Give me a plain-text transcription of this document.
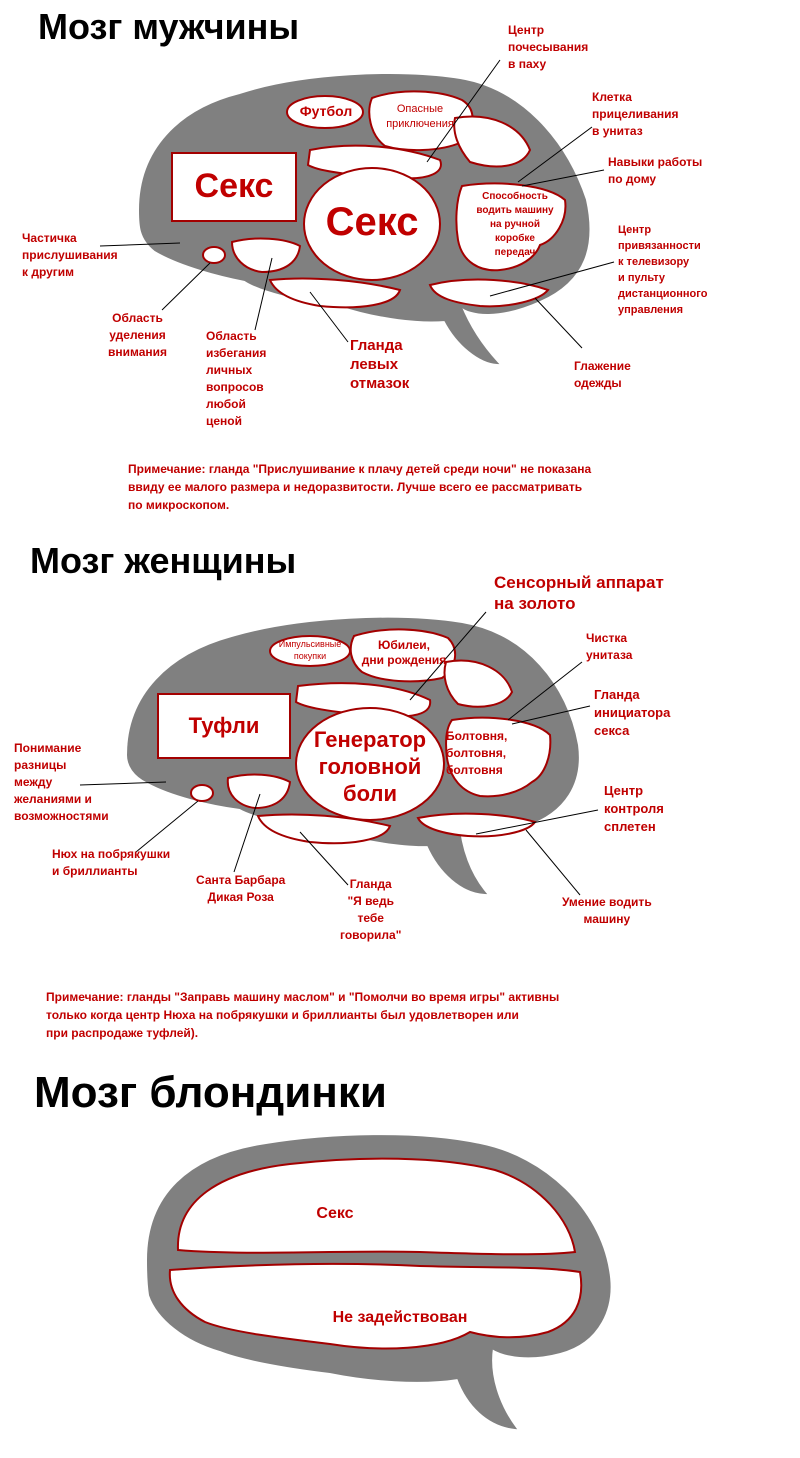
Мозг мужчины
Футбол	Опасные
приключения
Секс
Секс
Способность
водить машину
на ручной
коробке
передач
Центр
почесывания
в паху
Клетка
прицеливания
в унитаз
Навыки работы
по дому
Центр
привязанности
к телевизору
и пульту
дистанционного
управления
Глажение
одежды
Гланда
левых
отмазок
Область
избегания
личных
вопросов
любой
ценой
Область
уделения
внимания
Частичка
прислушивания
к другим
Примечание: гланда "Прислушивание к плачу детей среди ночи" не показана
ввиду ее малого размера и недоразвитости. Лучше всего ее рассматривать
по микроскопом.
Мозг женщины
Импульсивные
покупки
Юбилеи,
дни рождения
Туфли
Генератор
головной
боли
Болтовня,
болтовня,
болтовня
Сенсорный аппарат
на золото
Чистка
унитаза
Гланда
инициатора
секса
Центр
контроля
сплетен
Умение водить
машину
Гланда
"Я ведь
тебе
говорила"
Санта Барбара
Дикая Роза
Нюх на побрякушки
и бриллианты
Понимание
разницы
между
желаниями и
возможностями
Примечание: гланды "Заправь машину маслом" и "Помолчи во время игры" активны
только когда центр Нюха на побрякушки и бриллианты был удовлетворен или
при распродаже туфлей).
Мозг блондинки
Секс
Не задействован
